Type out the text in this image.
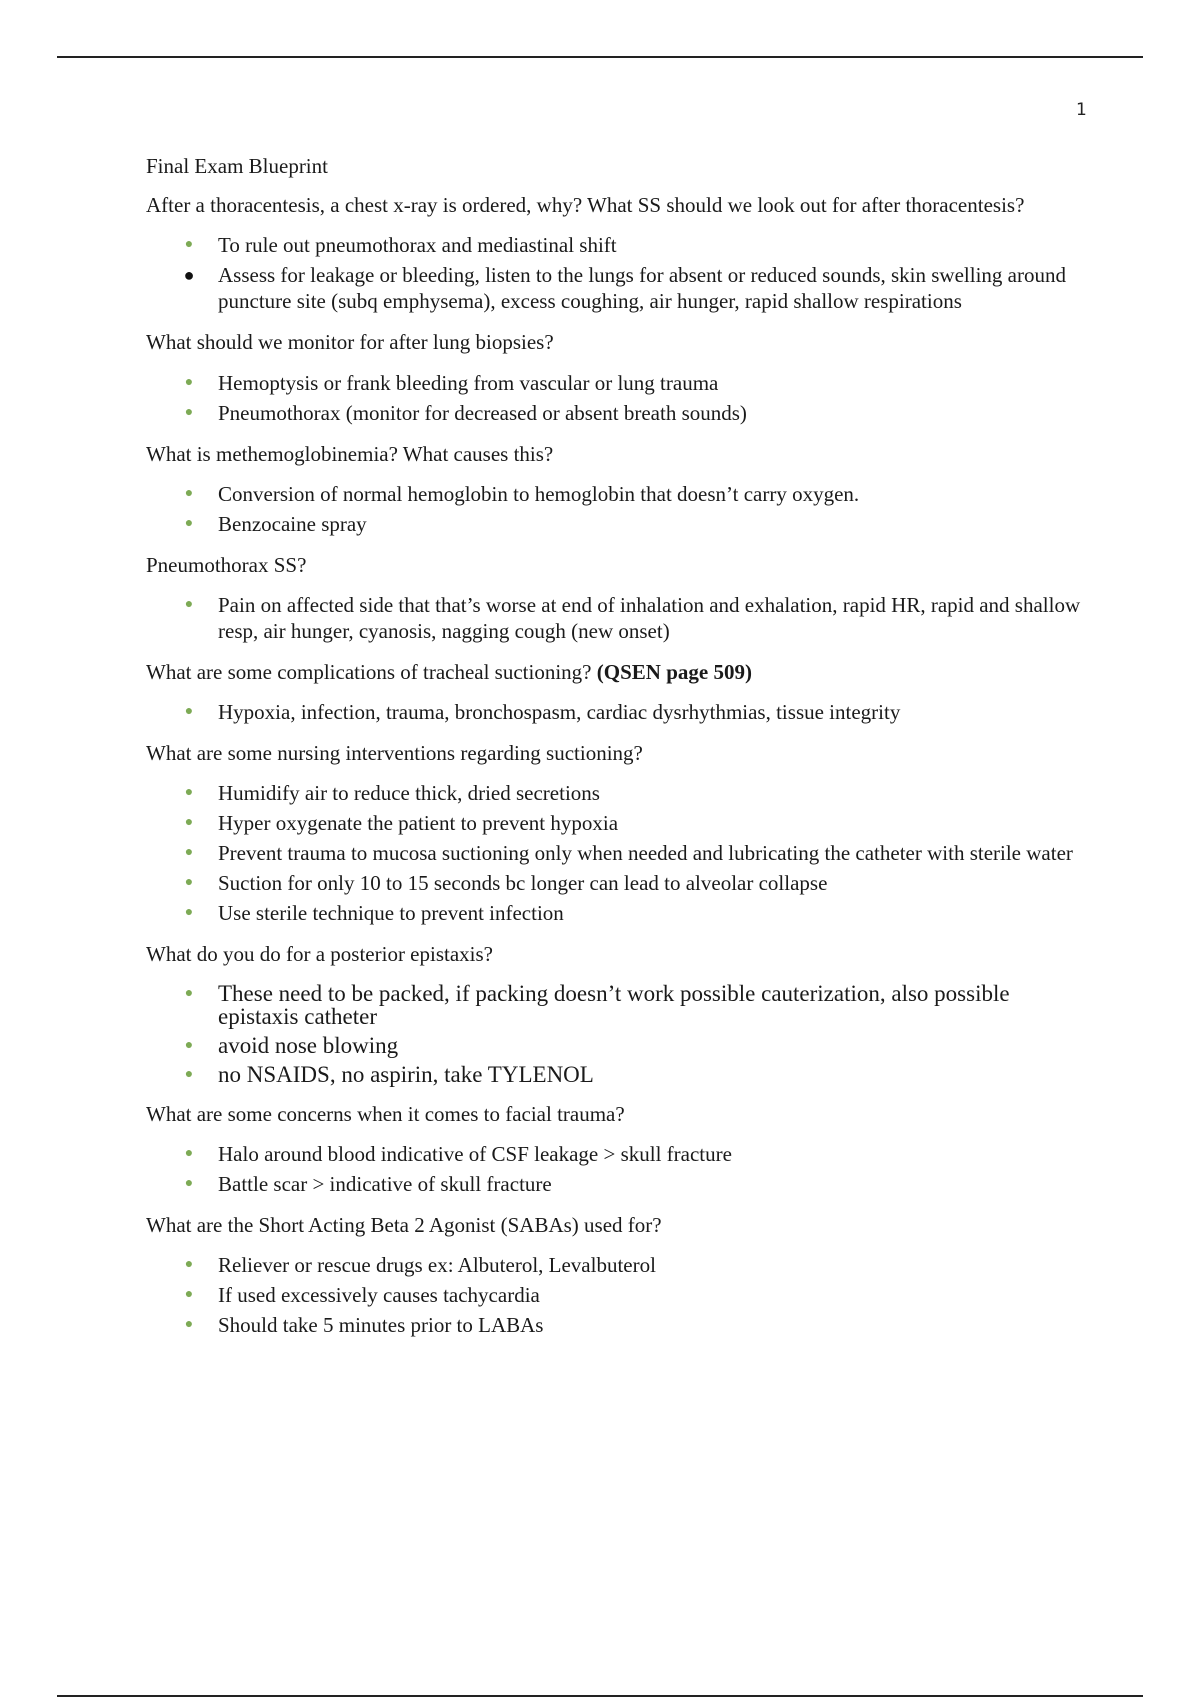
1

Final Exam Blueprint

After a thoracentesis, a chest x-ray is ordered, why? What SS should we look out for after thoracentesis?

● To rule out pneumothorax and mediastinal shift
● Assess for leakage or bleeding, listen to the lungs for absent or reduced sounds, skin swelling around puncture site (subq emphysema), excess coughing, air hunger, rapid shallow respirations

What should we monitor for after lung biopsies?

● Hemoptysis or frank bleeding from vascular or lung trauma
● Pneumothorax (monitor for decreased or absent breath sounds)

What is methemoglobinemia? What causes this?

● Conversion of normal hemoglobin to hemoglobin that doesn’t carry oxygen.
● Benzocaine spray

Pneumothorax SS?

● Pain on affected side that that’s worse at end of inhalation and exhalation, rapid HR, rapid and shallow resp, air hunger, cyanosis, nagging cough (new onset)

What are some complications of tracheal suctioning? (QSEN page 509)

● Hypoxia, infection, trauma, bronchospasm, cardiac dysrhythmias, tissue integrity

What are some nursing interventions regarding suctioning?

● Humidify air to reduce thick, dried secretions
● Hyper oxygenate the patient to prevent hypoxia
● Prevent trauma to mucosa suctioning only when needed and lubricating the catheter with sterile water
● Suction for only 10 to 15 seconds bc longer can lead to alveolar collapse
● Use sterile technique to prevent infection

What do you do for a posterior epistaxis?

● These need to be packed, if packing doesn’t work possible cauterization, also possible epistaxis catheter
● avoid nose blowing
● no NSAIDS, no aspirin, take TYLENOL

What are some concerns when it comes to facial trauma?

● Halo around blood indicative of CSF leakage > skull fracture
● Battle scar > indicative of skull fracture

What are the Short Acting Beta 2 Agonist (SABAs) used for?

● Reliever or rescue drugs ex: Albuterol, Levalbuterol
● If used excessively causes tachycardia
● Should take 5 minutes prior to LABAs
